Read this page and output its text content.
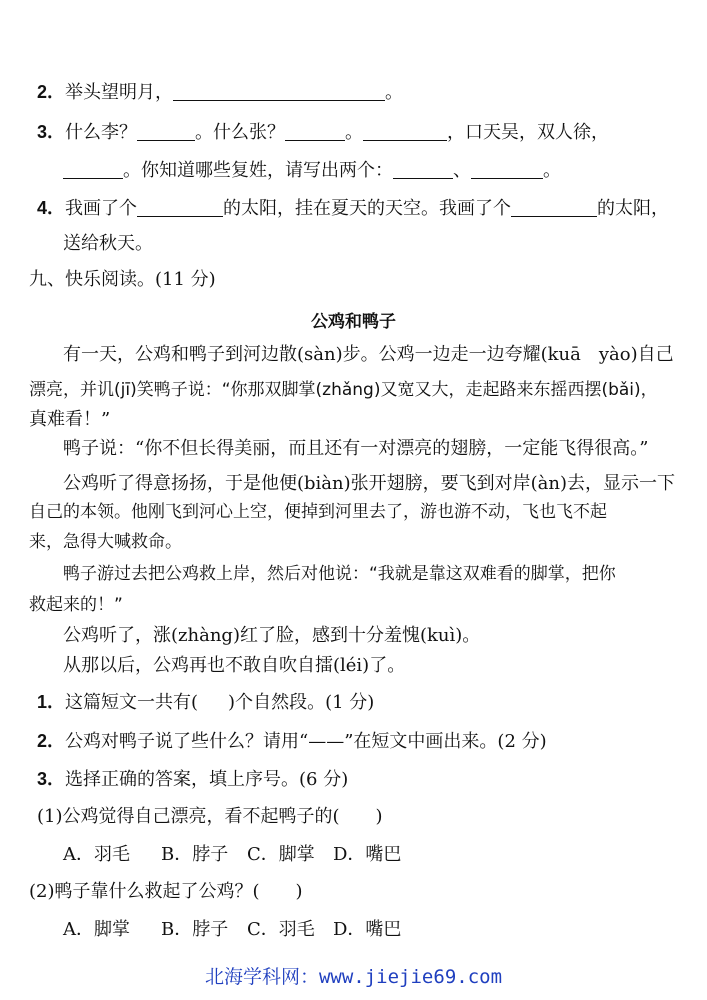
2．举头望明月，	。
3．什么李？	。什么张？	。	，口天吴，双人徐，
。你知道哪些复姓，请写出两个：	、	。
4．我画了个	的太阳，挂在夏天的天空。我画了个	的太阳，
送给秋天。
九、快乐阅读。(11 分)
公鸡和鸭子
有一天，公鸡和鸭子到河边散(sàn)步。公鸡一边走一边夸耀(kuā　yào)自己
漂亮，并讥(jī)笑鸭子说：“你那双脚掌(zhǎng)又宽又大，走起路来东摇西摆(bǎi)，
真难看！”
鸭子说：“你不但长得美丽，而且还有一对漂亮的翅膀，一定能飞得很高。”
公鸡听了得意扬扬，于是他便(biàn)张开翅膀，要飞到对岸(àn)去，显示一下
自己的本领。他刚飞到河心上空，便掉到河里去了，游也游不动，飞也飞不起
来，急得大喊救命。
鸭子游过去把公鸡救上岸，然后对他说：“我就是靠这双难看的脚掌，把你
救起来的！”
公鸡听了，涨(zhàng)红了脸，感到十分羞愧(kuì)。
从那以后，公鸡再也不敢自吹自擂(léi)了。
1．这篇短文一共有( )个自然段。(1 分)
2．公鸡对鸭子说了些什么？请用“——”在短文中画出来。(2 分)
3．选择正确的答案，填上序号。(6 分)
(1)公鸡觉得自己漂亮，看不起鸭子的(　　)
A．羽毛 B．脖子 C．脚掌 D．嘴巴
(2)鸭子靠什么救起了公鸡？(　　)
A．脚掌 B．脖子 C．羽毛 D．嘴巴
北海学科网：www.jiejie69.com
